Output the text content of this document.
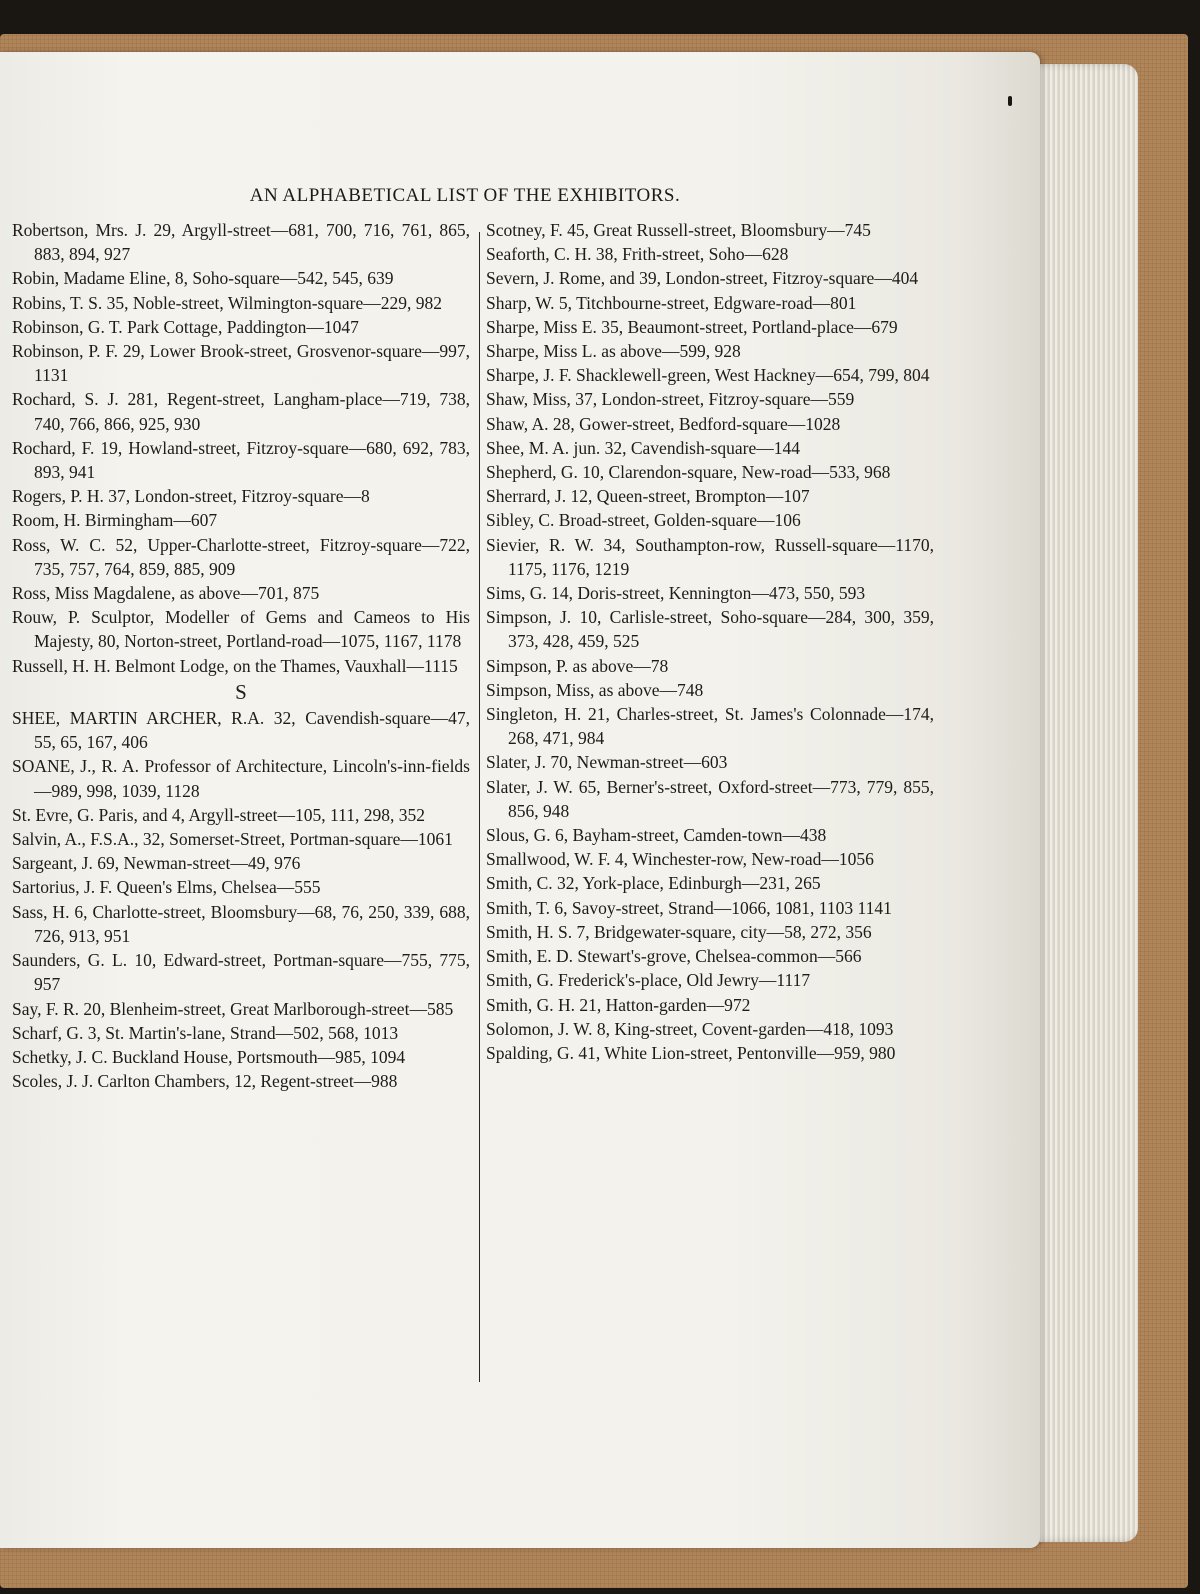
AN ALPHABETICAL LIST OF THE EXHIBITORS.

Robertson, Mrs. J. 29, Argyll-street—681, 700, 716, 761, 865, 883, 894, 927

Robin, Madame Eline, 8, Soho-square—542, 545, 639

Robins, T. S. 35, Noble-street, Wilmington-square—229, 982

Robinson, G. T. Park Cottage, Paddington—1047

Robinson, P. F. 29, Lower Brook-street, Grosvenor-square—997, 1131

Rochard, S. J. 281, Regent-street, Langham-place—719, 738, 740, 766, 866, 925, 930

Rochard, F. 19, Howland-street, Fitzroy-square—680, 692, 783, 893, 941

Rogers, P. H. 37, London-street, Fitzroy-square—8

Room, H. Birmingham—607

Ross, W. C. 52, Upper-Charlotte-street, Fitzroy-square—722, 735, 757, 764, 859, 885, 909

Ross, Miss Magdalene, as above—701, 875

Rouw, P. Sculptor, Modeller of Gems and Cameos to His Majesty, 80, Norton-street, Portland-road—1075, 1167, 1178

Russell, H. H. Belmont Lodge, on the Thames, Vauxhall—1115

S

SHEE, MARTIN ARCHER, R.A. 32, Cavendish-square—47, 55, 65, 167, 406

SOANE, J., R. A. Professor of Architecture, Lincoln's-inn-fields—989, 998, 1039, 1128

St. Evre, G. Paris, and 4, Argyll-street—105, 111, 298, 352

Salvin, A., F.S.A., 32, Somerset-Street, Portman-square—1061

Sargeant, J. 69, Newman-street—49, 976

Sartorius, J. F. Queen's Elms, Chelsea—555

Sass, H. 6, Charlotte-street, Bloomsbury—68, 76, 250, 339, 688, 726, 913, 951

Saunders, G. L. 10, Edward-street, Portman-square—755, 775, 957

Say, F. R. 20, Blenheim-street, Great Marlborough-street—585

Scharf, G. 3, St. Martin's-lane, Strand—502, 568, 1013

Schetky, J. C. Buckland House, Portsmouth—985, 1094

Scoles, J. J. Carlton Chambers, 12, Regent-street—988

Scotney, F. 45, Great Russell-street, Bloomsbury—745

Seaforth, C. H. 38, Frith-street, Soho—628

Severn, J. Rome, and 39, London-street, Fitzroy-square—404

Sharp, W. 5, Titchbourne-street, Edgware-road—801

Sharpe, Miss E. 35, Beaumont-street, Portland-place—679

Sharpe, Miss L. as above—599, 928

Sharpe, J. F. Shacklewell-green, West Hackney—654, 799, 804

Shaw, Miss, 37, London-street, Fitzroy-square—559

Shaw, A. 28, Gower-street, Bedford-square—1028

Shee, M. A. jun. 32, Cavendish-square—144

Shepherd, G. 10, Clarendon-square, New-road—533, 968

Sherrard, J. 12, Queen-street, Brompton—107

Sibley, C. Broad-street, Golden-square—106

Sievier, R. W. 34, Southampton-row, Russell-square—1170, 1175, 1176, 1219

Sims, G. 14, Doris-street, Kennington—473, 550, 593

Simpson, J. 10, Carlisle-street, Soho-square—284, 300, 359, 373, 428, 459, 525

Simpson, P. as above—78

Simpson, Miss, as above—748

Singleton, H. 21, Charles-street, St. James's Colonnade—174, 268, 471, 984

Slater, J. 70, Newman-street—603

Slater, J. W. 65, Berner's-street, Oxford-street—773, 779, 855, 856, 948

Slous, G. 6, Bayham-street, Camden-town—438

Smallwood, W. F. 4, Winchester-row, New-road—1056

Smith, C. 32, York-place, Edinburgh—231, 265

Smith, T. 6, Savoy-street, Strand—1066, 1081, 1103 1141

Smith, H. S. 7, Bridgewater-square, city—58, 272, 356

Smith, E. D. Stewart's-grove, Chelsea-common—566

Smith, G. Frederick's-place, Old Jewry—1117

Smith, G. H. 21, Hatton-garden—972

Solomon, J. W. 8, King-street, Covent-garden—418, 1093

Spalding, G. 41, White Lion-street, Pentonville—959, 980
